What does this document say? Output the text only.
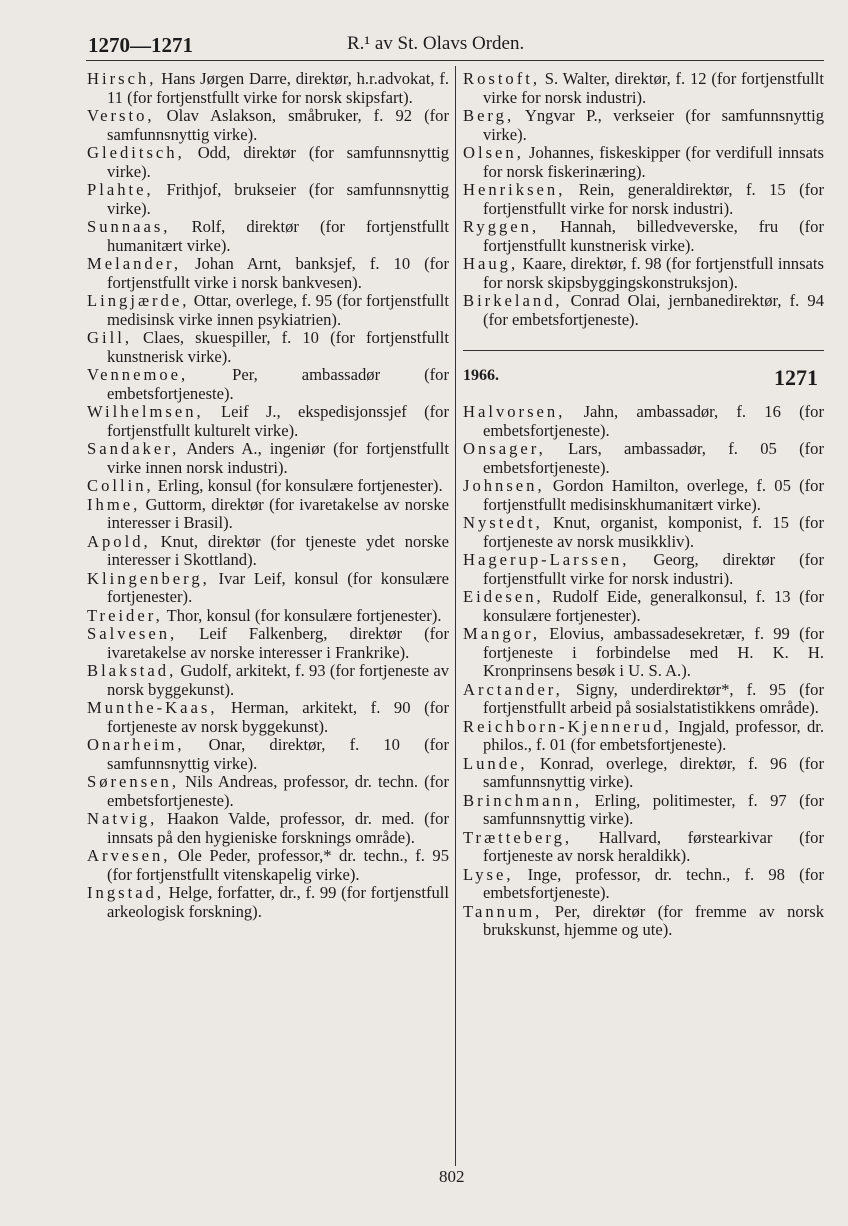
1270—1271	R.¹ av St. Olavs Orden.

Hirsch, Hans Jørgen Darre, direktør, h.r.advokat, f. 11 (for fortjenstfullt virke for norsk skipsfart).

Versto, Olav Aslakson, småbruker, f. 92 (for samfunnsnyttig virke).

Gleditsch, Odd, direktør (for samfunnsnyttig virke).

Plahte, Frithjof, brukseier (for samfunnsnyttig virke).

Sunnaas, Rolf, direktør (for fortjenstfullt humanitært virke).

Melander, Johan Arnt, banksjef, f. 10 (for fortjenstfullt virke i norsk bankvesen).

Lingjærde, Ottar, overlege, f. 95 (for fortjenstfullt medisinsk virke innen psykiatrien).

Gill, Claes, skuespiller, f. 10 (for fortjenstfullt kunstnerisk virke).

Vennemoe, Per, ambassadør (for embetsfortjeneste).

Wilhelmsen, Leif J., ekspedisjonssjef (for fortjenstfullt kulturelt virke).

Sandaker, Anders A., ingeniør (for fortjenstfullt virke innen norsk industri).

Collin, Erling, konsul (for konsulære fortjenester).

Ihme, Guttorm, direktør (for ivaretakelse av norske interesser i Brasil).

Apold, Knut, direktør (for tjeneste ydet norske interesser i Skottland).

Klingenberg, Ivar Leif, konsul (for konsulære fortjenester).

Treider, Thor, konsul (for konsulære fortjenester).

Salvesen, Leif Falkenberg, direktør (for ivaretakelse av norske interesser i Frankrike).

Blakstad, Gudolf, arkitekt, f. 93 (for fortjeneste av norsk byggekunst).

Munthe-Kaas, Herman, arkitekt, f. 90 (for fortjeneste av norsk byggekunst).

Onarheim, Onar, direktør, f. 10 (for samfunnsnyttig virke).

Sørensen, Nils Andreas, professor, dr. techn. (for embetsfortjeneste).

Natvig, Haakon Valde, professor, dr. med. (for innsats på den hygieniske forsknings område).

Arvesen, Ole Peder, professor,* dr. techn., f. 95 (for fortjenstfullt vitenskapelig virke).

Ingstad, Helge, forfatter, dr., f. 99 (for fortjenstfull arkeologisk forskning).

Rostoft, S. Walter, direktør, f. 12 (for fortjenstfullt virke for norsk industri).

Berg, Yngvar P., verkseier (for samfunnsnyttig virke).

Olsen, Johannes, fiskeskipper (for verdifull innsats for norsk fiskerinæring).

Henriksen, Rein, generaldirektør, f. 15 (for fortjenstfullt virke for norsk industri).

Ryggen, Hannah, billedveverske, fru (for fortjenstfullt kunstnerisk virke).

Haug, Kaare, direktør, f. 98 (for fortjenstfull innsats for norsk skipsbyggingskonstruksjon).

Birkeland, Conrad Olai, jernbanedirektør, f. 94 (for embetsfortjeneste).

1966.	1271

Halvorsen, Jahn, ambassadør, f. 16 (for embetsfortjeneste).

Onsager, Lars, ambassadør, f. 05 (for embetsfortjeneste).

Johnsen, Gordon Hamilton, overlege, f. 05 (for fortjenstfullt medisinskhumanitært virke).

Nystedt, Knut, organist, komponist, f. 15 (for fortjeneste av norsk musikkliv).

Hagerup-Larssen, Georg, direktør (for fortjenstfullt virke for norsk industri).

Eidesen, Rudolf Eide, generalkonsul, f. 13 (for konsulære fortjenester).

Mangor, Elovius, ambassadesekretær, f. 99 (for fortjeneste i forbindelse med H. K. H. Kronprinsens besøk i U. S. A.).

Arctander, Signy, underdirektør*, f. 95 (for fortjenstfullt arbeid på sosialstatistikkens område).

Reichborn-Kjennerud, Ingjald, professor, dr. philos., f. 01 (for embetsfortjeneste).

Lunde, Konrad, overlege, direktør, f. 96 (for samfunnsnyttig virke).

Brinchmann, Erling, politimester, f. 97 (for samfunnsnyttig virke).

Trætteberg, Hallvard, førstearkivar (for fortjeneste av norsk heraldikk).

Lyse, Inge, professor, dr. techn., f. 98 (for embetsfortjeneste).

Tannum, Per, direktør (for fremme av norsk brukskunst, hjemme og ute).

802
